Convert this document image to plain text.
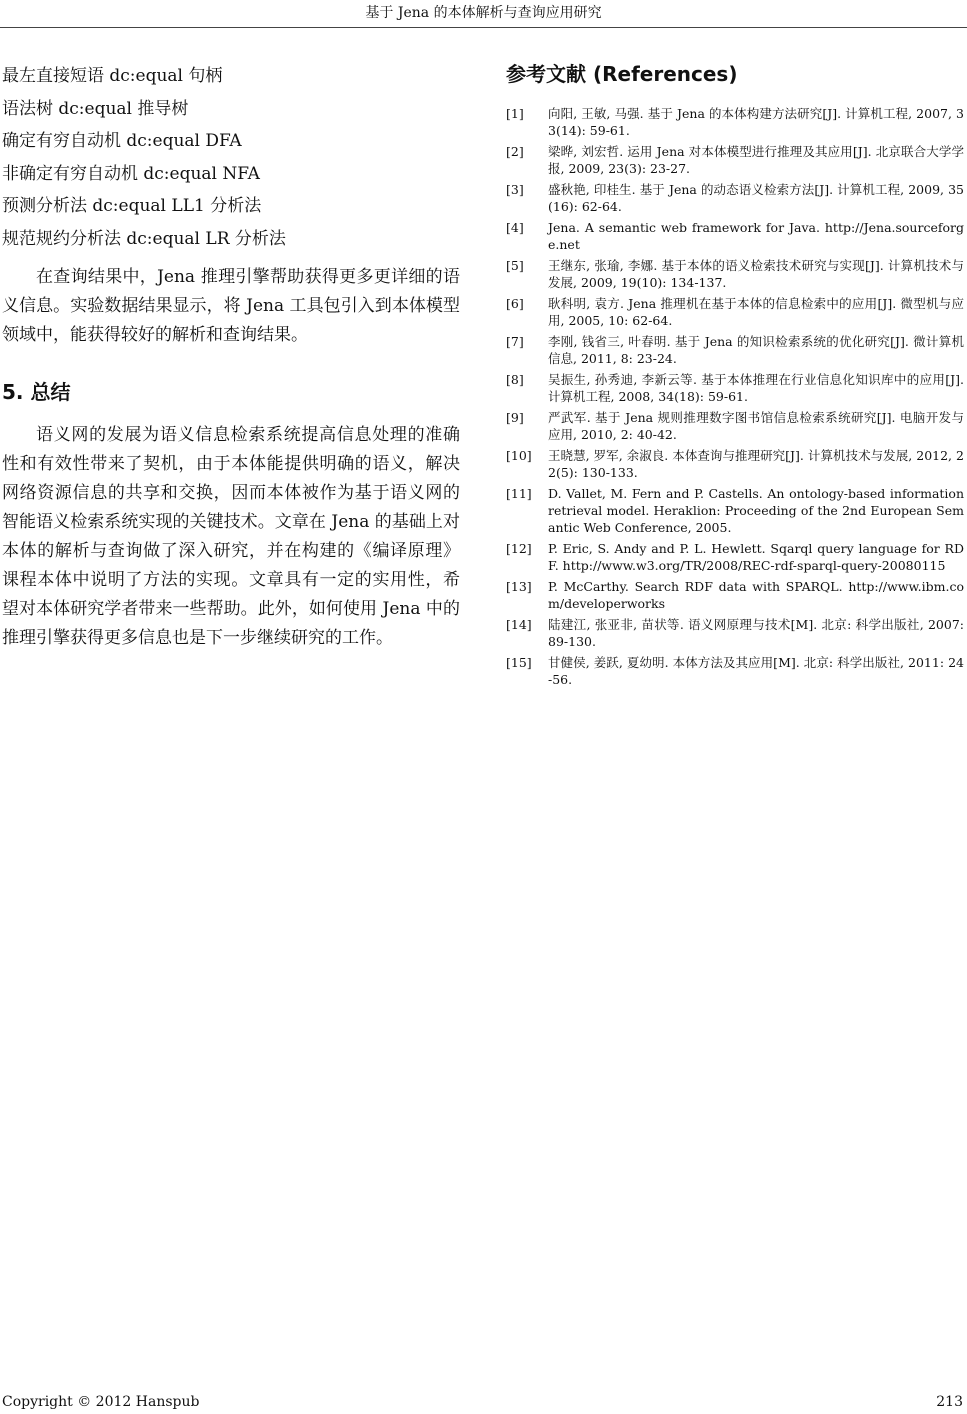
基于 Jena 的本体解析与查询应用研究
最左直接短语 dc:equal 句柄
语法树 dc:equal 推导树
确定有穷自动机 dc:equal DFA
非确定有穷自动机 dc:equal NFA
预测分析法 dc:equal LL1 分析法
规范规约分析法 dc:equal LR 分析法

在查询结果中，Jena 推理引擎帮助获得更多更详细的语义信息。实验数据结果显示，将 Jena 工具包引入到本体模型领域中，能获得较好的解析和查询结果。

5. 总结

语义网的发展为语义信息检索系统提高信息处理的准确性和有效性带来了契机，由于本体能提供明确的语义，解决网络资源信息的共享和交换，因而本体被作为基于语义网的智能语义检索系统实现的关键技术。文章在 Jena 的基础上对本体的解析与查询做了深入研究，并在构建的《编译原理》课程本体中说明了方法的实现。文章具有一定的实用性，希望对本体研究学者带来一些帮助。此外，如何使用 Jena 中的推理引擎获得更多信息也是下一步继续研究的工作。

参考文献 (References)
[1] 向阳, 王敏, 马强. 基于 Jena 的本体构建方法研究[J]. 计算机工程, 2007, 33(14): 59-61.
[2] 梁晔, 刘宏哲. 运用 Jena 对本体模型进行推理及其应用[J]. 北京联合大学学报, 2009, 23(3): 23-27.
[3] 盛秋艳, 印桂生. 基于 Jena 的动态语义检索方法[J]. 计算机工程, 2009, 35(16): 62-64.
[4] Jena. A semantic web framework for Java. http://Jena.sourceforge.net
[5] 王继东, 张瑜, 李娜. 基于本体的语义检索技术研究与实现[J]. 计算机技术与发展, 2009, 19(10): 134-137.
[6] 耿科明, 袁方. Jena 推理机在基于本体的信息检索中的应用[J]. 微型机与应用, 2005, 10: 62-64.
[7] 李刚, 钱省三, 叶春明. 基于 Jena 的知识检索系统的优化研究[J]. 微计算机信息, 2011, 8: 23-24.
[8] 吴振生, 孙秀迪, 李新云等. 基于本体推理在行业信息化知识库中的应用[J]. 计算机工程, 2008, 34(18): 59-61.
[9] 严武军. 基于 Jena 规则推理数字图书馆信息检索系统研究[J]. 电脑开发与应用, 2010, 2: 40-42.
[10] 王晓慧, 罗军, 余淑良. 本体查询与推理研究[J]. 计算机技术与发展, 2012, 22(5): 130-133.
[11] D. Vallet, M. Fern and P. Castells. An ontology-based information retrieval model. Heraklion: Proceeding of the 2nd European Semantic Web Conference, 2005.
[12] P. Eric, S. Andy and P. L. Hewlett. Sqarql query language for RDF. http://www.w3.org/TR/2008/REC-rdf-sparql-query-20080115
[13] P. McCarthy. Search RDF data with SPARQL. http://www.ibm.com/developerworks
[14] 陆建江, 张亚非, 苗状等. 语义网原理与技术[M]. 北京: 科学出版社, 2007: 89-130.
[15] 甘健侯, 姜跃, 夏幼明. 本体方法及其应用[M]. 北京: 科学出版社, 2011: 24-56.
Copyright © 2012 Hanspub	213
